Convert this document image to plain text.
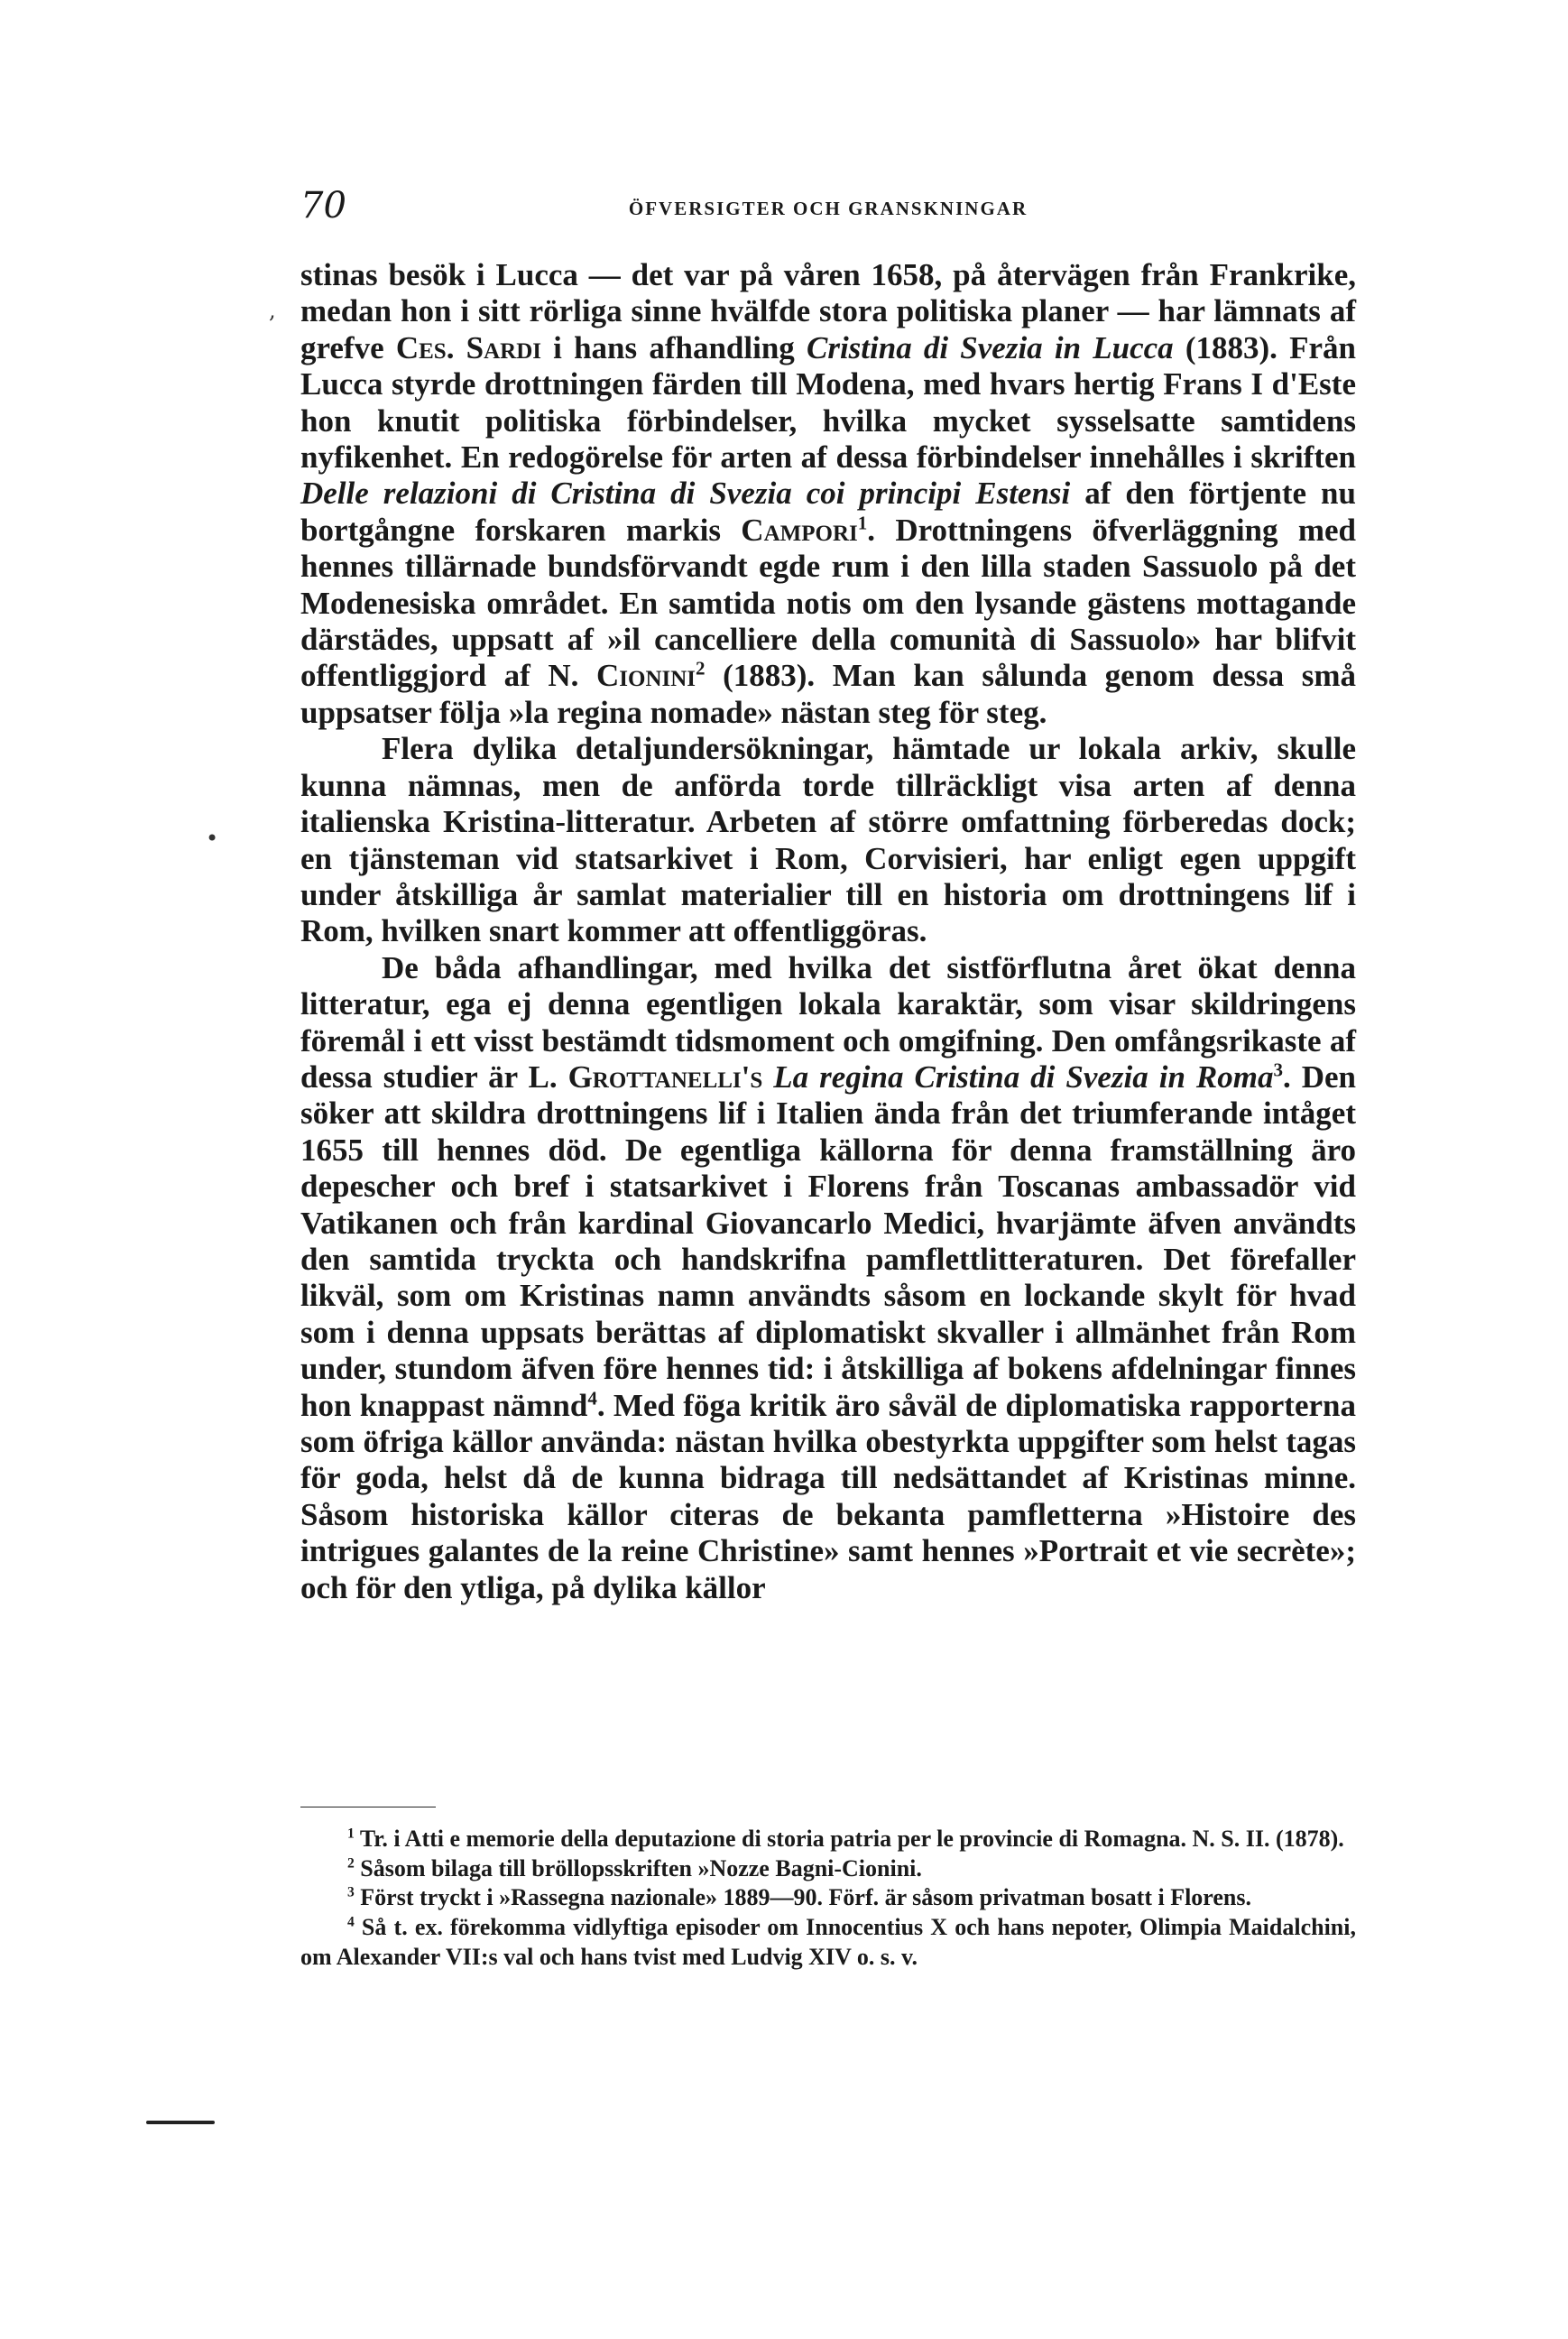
70	ÖFVERSIGTER OCH GRANSKNINGAR

stinas besök i Lucca — det var på våren 1658, på återvägen från Frankrike, medan hon i sitt rörliga sinne hvälfde stora politiska planer — har lämnats af grefve Ces. Sardi i hans afhandling Cristina di Svezia in Lucca (1883). Från Lucca styrde drottningen färden till Modena, med hvars hertig Frans I d'Este hon knutit politiska förbindelser, hvilka mycket sysselsatte samtidens nyfikenhet. En redogörelse för arten af dessa förbindelser innehålles i skriften Delle relazioni di Cristina di Svezia coi principi Estensi af den förtjente nu bortgångne forskaren markis Campori$^1$. Drottningens öfverläggning med hennes tillärnade bundsförvandt egde rum i den lilla staden Sassuolo på det Modenesiska området. En samtida notis om den lysande gästens mottagande därstädes, uppsatt af »il cancelliere della comunità di Sassuolo» har blifvit offentliggjord af N. Cionini$^2$ (1883). Man kan sålunda genom dessa små uppsatser följa »la regina nomade» nästan steg för steg.

Flera dylika detaljundersökningar, hämtade ur lokala arkiv, skulle kunna nämnas, men de anförda torde tillräckligt visa arten af denna italienska Kristina-litteratur. Arbeten af större omfattning förberedas dock; en tjänsteman vid statsarkivet i Rom, Corvisieri, har enligt egen uppgift under åtskilliga år samlat materialier till en historia om drottningens lif i Rom, hvilken snart kommer att offentliggöras.

De båda afhandlingar, med hvilka det sistförflutna året ökat denna litteratur, ega ej denna egentligen lokala karaktär, som visar skildringens föremål i ett visst bestämdt tidsmoment och omgifning. Den omfångsrikaste af dessa studier är L. Grottanelli's La regina Cristina di Svezia in Roma$^3$. Den söker att skildra drottningens lif i Italien ända från det triumferande intåget 1655 till hennes död. De egentliga källorna för denna framställning äro depescher och bref i statsarkivet i Florens från Toscanas ambassadör vid Vatikanen och från kardinal Giovancarlo Medici, hvarjämte äfven användts den samtida tryckta och handskrifna pamflettlitteraturen. Det förefaller likväl, som om Kristinas namn användts såsom en lockande skylt för hvad som i denna uppsats berättas af diplomatiskt skvaller i allmänhet från Rom under, stundom äfven före hennes tid: i åtskilliga af bokens afdelningar finnes hon knappast nämnd$^4$. Med föga kritik äro såväl de diplomatiska rapporterna som öfriga källor använda: nästan hvilka obestyrkta uppgifter som helst tagas för goda, helst då de kunna bidraga till nedsättandet af Kristinas minne. Såsom historiska källor citeras de bekanta pamfletterna »Histoire des intrigues galantes de la reine Christine» samt hennes »Portrait et vie secrète»; och för den ytliga, på dylika källor

$^1$ Tr. i Atti e memorie della deputazione di storia patria per le provincie di Romagna. N. S. II. (1878).

$^2$ Såsom bilaga till bröllopsskriften »Nozze Bagni-Cionini.

$^3$ Först tryckt i »Rassegna nazionale» 1889—90. Förf. är såsom privatman bosatt i Florens.

$^4$ Så t. ex. förekomma vidlyftiga episoder om Innocentius X och hans nepoter, Olimpia Maidalchini, om Alexander VII:s val och hans tvist med Ludvig XIV o. s. v.

,
•
